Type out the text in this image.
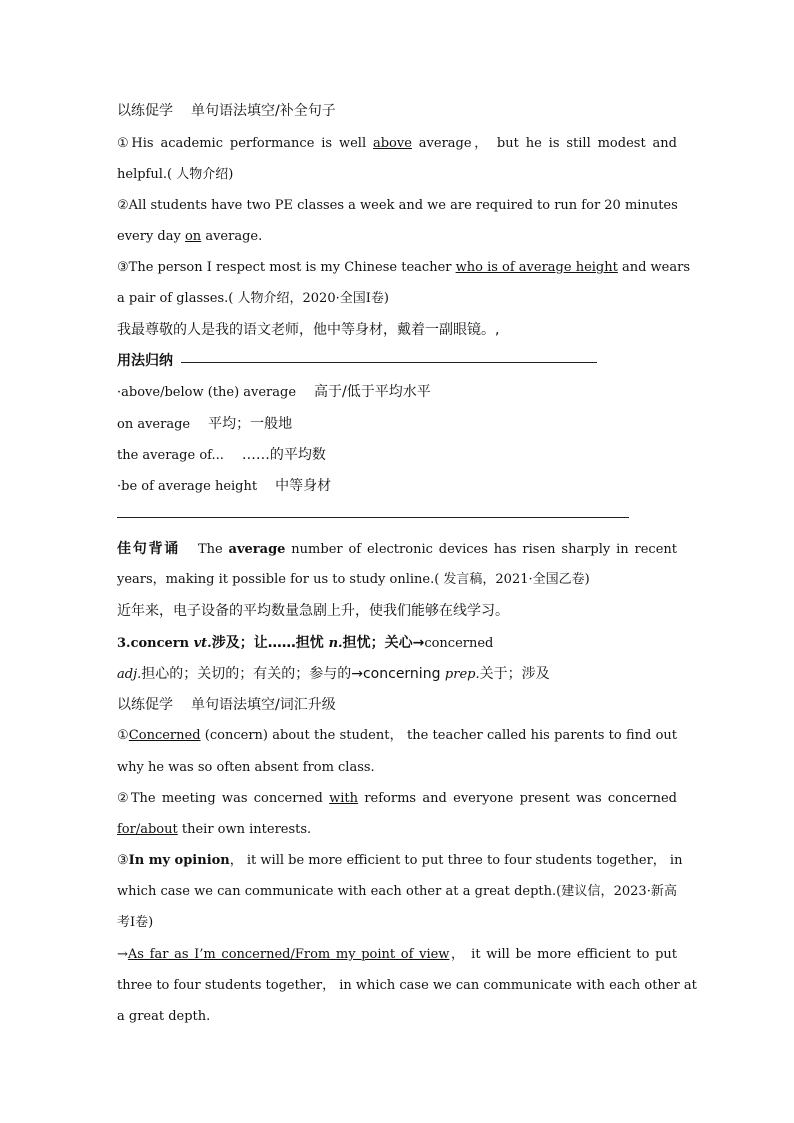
以练促学 单句语法填空/补全句子
①His academic performance is well above average， but he is still modest and
helpful.( 人物介绍)
②All students have two PE classes a week and we are required to run for 20 minutes
every day on average.
③The person I respect most is my Chinese teacher who is of average height and wears
a pair of glasses.( 人物介绍，2020·全国Ⅰ卷)
我最尊敬的人是我的语文老师，他中等身材，戴着一副眼镜。,
用法归纳
·above/below (the) average 高于/低于平均水平
on average 平均；一般地
the average of... ……的平均数
·be of average height 中等身材
佳句背诵 The average number of electronic devices has risen sharply in recent
years，making it possible for us to study online.( 发言稿，2021·全国乙卷)
近年来，电子设备的平均数量急剧上升，使我们能够在线学习。
3.concern vt.涉及；让……担忧 n.担忧；关心→concerned
adj.担心的；关切的；有关的；参与的→concerning prep.关于；涉及
以练促学 单句语法填空/词汇升级
①Concerned (concern) about the student， the teacher called his parents to find out
why he was so often absent from class.
②The meeting was concerned with reforms and everyone present was concerned
for/about their own interests.
③In my opinion， it will be more efficient to put three to four students together， in
which case we can communicate with each other at a great depth.(建议信，2023·新高
考Ⅰ卷)
→As far as I’m concerned/From my point of view， it will be more efficient to put
three to four students together， in which case we can communicate with each other at
a great depth.
